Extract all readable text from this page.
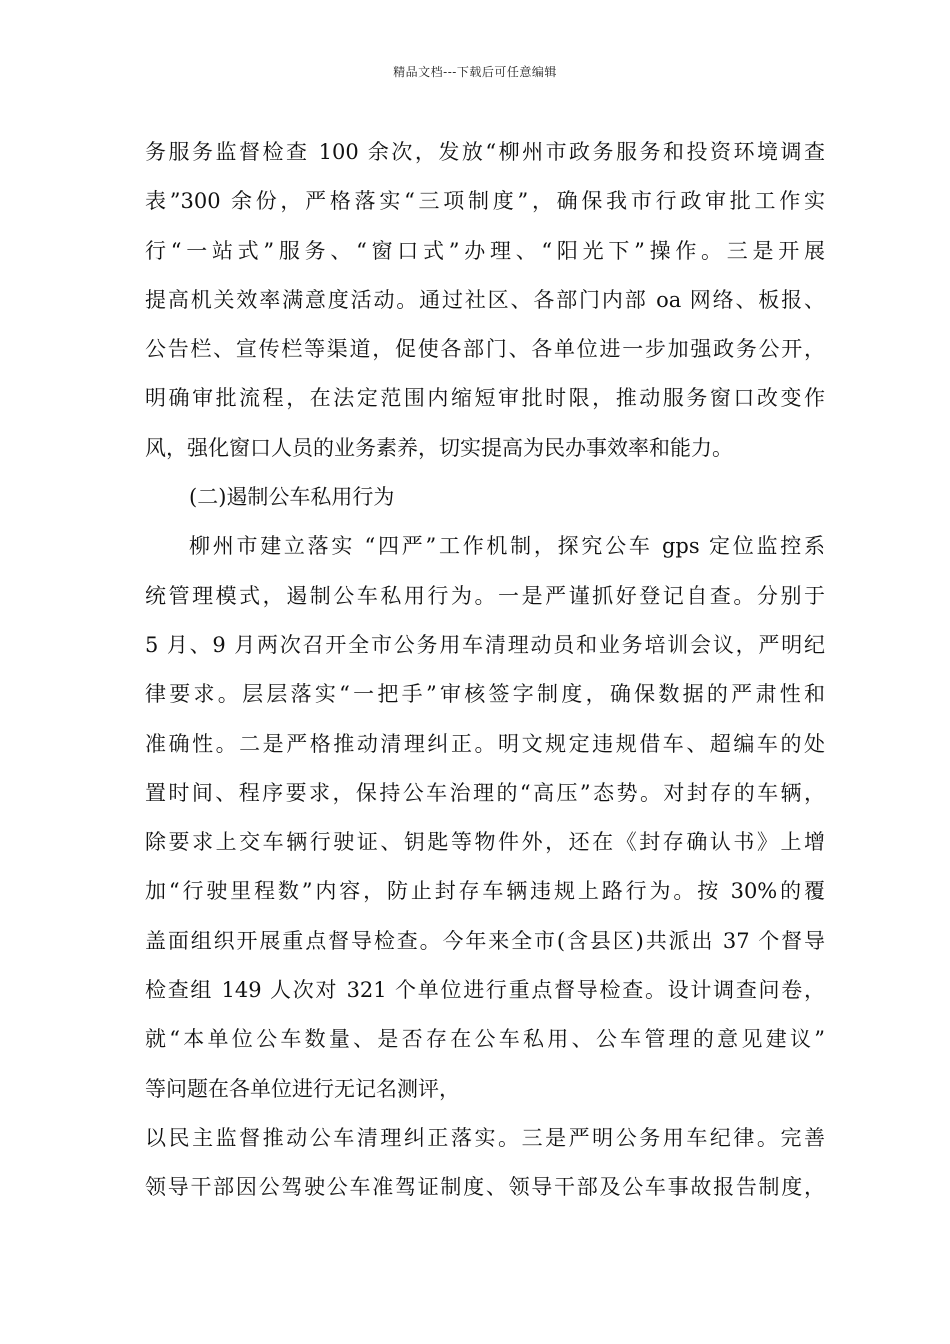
精品文档---下载后可任意编辑
务服务监督检查 100 余次，发放“柳州市政务服务和投资环境调查
表”300 余份，严格落实“三项制度”，确保我市行政审批工作实
行“一站式”服务、“窗口式”办理、“阳光下”操作。三是开展
提高机关效率满意度活动。通过社区、各部门内部 oa 网络、板报、
公告栏、宣传栏等渠道，促使各部门、各单位进一步加强政务公开，
明确审批流程，在法定范围内缩短审批时限，推动服务窗口改变作
风，强化窗口人员的业务素养，切实提高为民办事效率和能力。
(二)遏制公车私用行为
柳州市建立落实 “四严”工作机制，探究公车 gps 定位监控系
统管理模式，遏制公车私用行为。一是严谨抓好登记自查。分别于
5 月、9 月两次召开全市公务用车清理动员和业务培训会议，严明纪
律要求。层层落实“一把手”审核签字制度，确保数据的严肃性和
准确性。二是严格推动清理纠正。明文规定违规借车、超编车的处
置时间、程序要求，保持公车治理的“高压”态势。对封存的车辆，
除要求上交车辆行驶证、钥匙等物件外，还在《封存确认书》上增
加“行驶里程数”内容，防止封存车辆违规上路行为。按 30%的覆
盖面组织开展重点督导检查。今年来全市(含县区)共派出 37 个督导
检查组 149 人次对 321 个单位进行重点督导检查。设计调查问卷，
就“本单位公车数量、是否存在公车私用、公车管理的意见建议”
等问题在各单位进行无记名测评，
以民主监督推动公车清理纠正落实。三是严明公务用车纪律。完善
领导干部因公驾驶公车准驾证制度、领导干部及公车事故报告制度，
